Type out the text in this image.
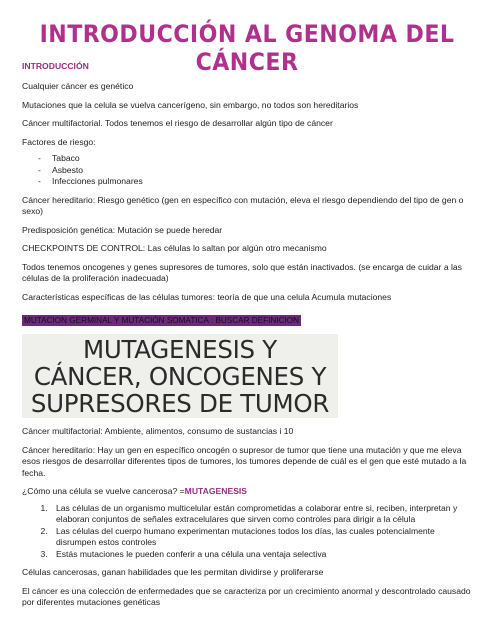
INTRODUCCIÓN AL GENOMA DEL CÁNCER
INTRODUCCIÓN

Cualquier cáncer es genético

Mutaciones que la celula se vuelva cancerígeno, sin embargo, no todos son hereditarios

Cáncer multifactorial. Todos tenemos el riesgo de desarrollar algún tipo de cáncer

Factores de riesgo:

- Tabaco
- Asbesto
- Infecciones pulmonares

Cáncer hereditario: Riesgo genético (gen en específico con mutación, eleva el riesgo dependiendo del tipo de gen o sexo)

Predisposición genética: Mutación se puede heredar

CHECKPOINTS DE CONTROL: Las células lo saltan por algún otro mecanismo

Todos tenemos oncogenes y genes supresores de tumores, solo que están inactivados. (se encarga de cuidar a las células de la proliferación inadecuada)

Características específicas de las células tumores: teoría de que una celula Acumula mutaciones

MUTACION GERMINAL Y MUTACIÓN SOMATICA : BUSCAR DEFINICION
MUTAGENESIS Y
CÁNCER, ONCOGENES Y
SUPRESORES DE TUMOR

Cáncer multifactorial: Ambiente, alimentos, consumo de sustancias i 10

Cáncer hereditario: Hay un gen en específico oncogén o supresor de tumor que tiene una mutación y que me eleva esos riesgos de desarrollar diferentes tipos de tumores, los tumores depende de cuál es el gen que esté mutado a la fecha.

¿Cómo una célula se vuelve cancerosa? =MUTAGENESIS

1. Las células de un organismo multicelular están comprometidas a colaborar entre si, reciben, interpretan y elaboran conjuntos de señales extracelulares que sirven como controles para dirigir a la célula
2. Las células del cuerpo humano experimentan mutaciones todos los días, las cuales potencialmente disrumpen estos controles
3. Estás mutaciones le pueden conferir a una célula una ventaja selectiva

Células cancerosas, ganan habilidades que les permitan dividirse y proliferarse

El cáncer es una colección de enfermedades que se caracteriza por un crecimiento anormal y descontrolado causado por diferentes mutaciones genéticas
